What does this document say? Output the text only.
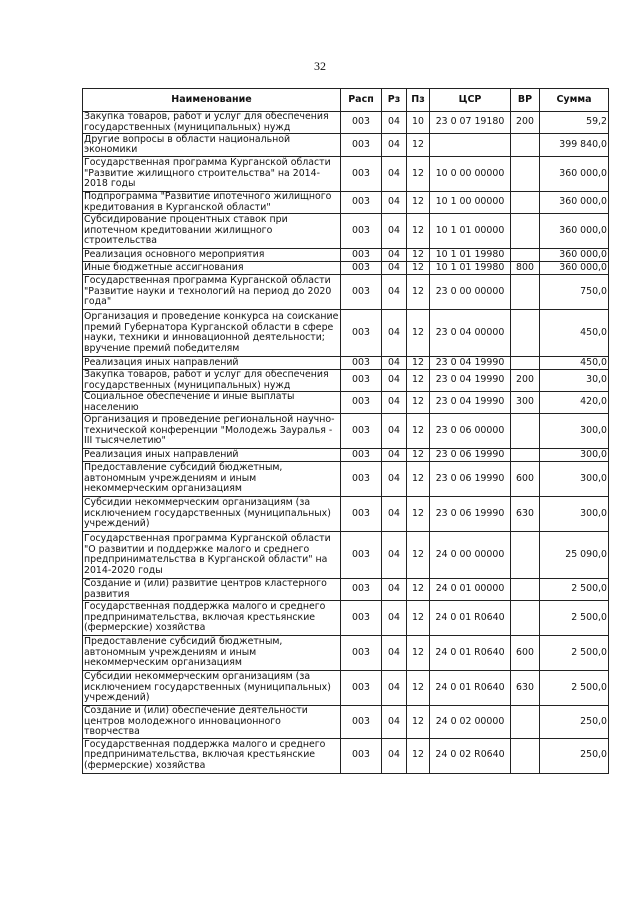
32
Наименование	Расп	Рз	Пз	ЦСР	ВР	Сумма
Закупка товаров, работ и услуг для обеспечения государственных (муниципальных) нужд	003	04	10	23 0 07 19180	200	59,2
Другие вопросы в области национальной экономики	003	04	12			399 840,0
Государственная программа Курганской области "Развитие жилищного строительства" на 2014-2018 годы	003	04	12	10 0 00 00000		360 000,0
Подпрограмма "Развитие ипотечного жилищного кредитования в Курганской области"	003	04	12	10 1 00 00000		360 000,0
Субсидирование процентных ставок при ипотечном кредитовании жилищного строительства	003	04	12	10 1 01 00000		360 000,0
Реализация основного мероприятия	003	04	12	10 1 01 19980		360 000,0
Иные бюджетные ассигнования	003	04	12	10 1 01 19980	800	360 000,0
Государственная программа Курганской области "Развитие науки и технологий на период до 2020 года"	003	04	12	23 0 00 00000		750,0
Организация и проведение конкурса на соискание премий Губернатора Курганской области в сфере науки, техники и инновационной деятельности; вручение премий победителям	003	04	12	23 0 04 00000		450,0
Реализация иных направлений	003	04	12	23 0 04 19990		450,0
Закупка товаров, работ и услуг для обеспечения государственных (муниципальных) нужд	003	04	12	23 0 04 19990	200	30,0
Социальное обеспечение и иные выплаты населению	003	04	12	23 0 04 19990	300	420,0
Организация и проведение региональной научно-технической конференции "Молодежь Зауралья - III тысячелетию"	003	04	12	23 0 06 00000		300,0
Реализация иных направлений	003	04	12	23 0 06 19990		300,0
Предоставление субсидий бюджетным, автономным учреждениям и иным некоммерческим организациям	003	04	12	23 0 06 19990	600	300,0
Субсидии некоммерческим организациям (за исключением государственных (муниципальных) учреждений)	003	04	12	23 0 06 19990	630	300,0
Государственная программа Курганской области "О развитии и поддержке малого и среднего предпринимательства в Курганской области" на 2014-2020 годы	003	04	12	24 0 00 00000		25 090,0
Создание и (или) развитие центров кластерного развития	003	04	12	24 0 01 00000		2 500,0
Государственная поддержка малого и среднего предпринимательства, включая крестьянские (фермерские) хозяйства	003	04	12	24 0 01 R0640		2 500,0
Предоставление субсидий бюджетным, автономным учреждениям и иным некоммерческим организациям	003	04	12	24 0 01 R0640	600	2 500,0
Субсидии некоммерческим организациям (за исключением государственных (муниципальных) учреждений)	003	04	12	24 0 01 R0640	630	2 500,0
Создание и (или) обеспечение деятельности центров молодежного инновационного творчества	003	04	12	24 0 02 00000		250,0
Государственная поддержка малого и среднего предпринимательства, включая крестьянские (фермерские) хозяйства	003	04	12	24 0 02 R0640		250,0
